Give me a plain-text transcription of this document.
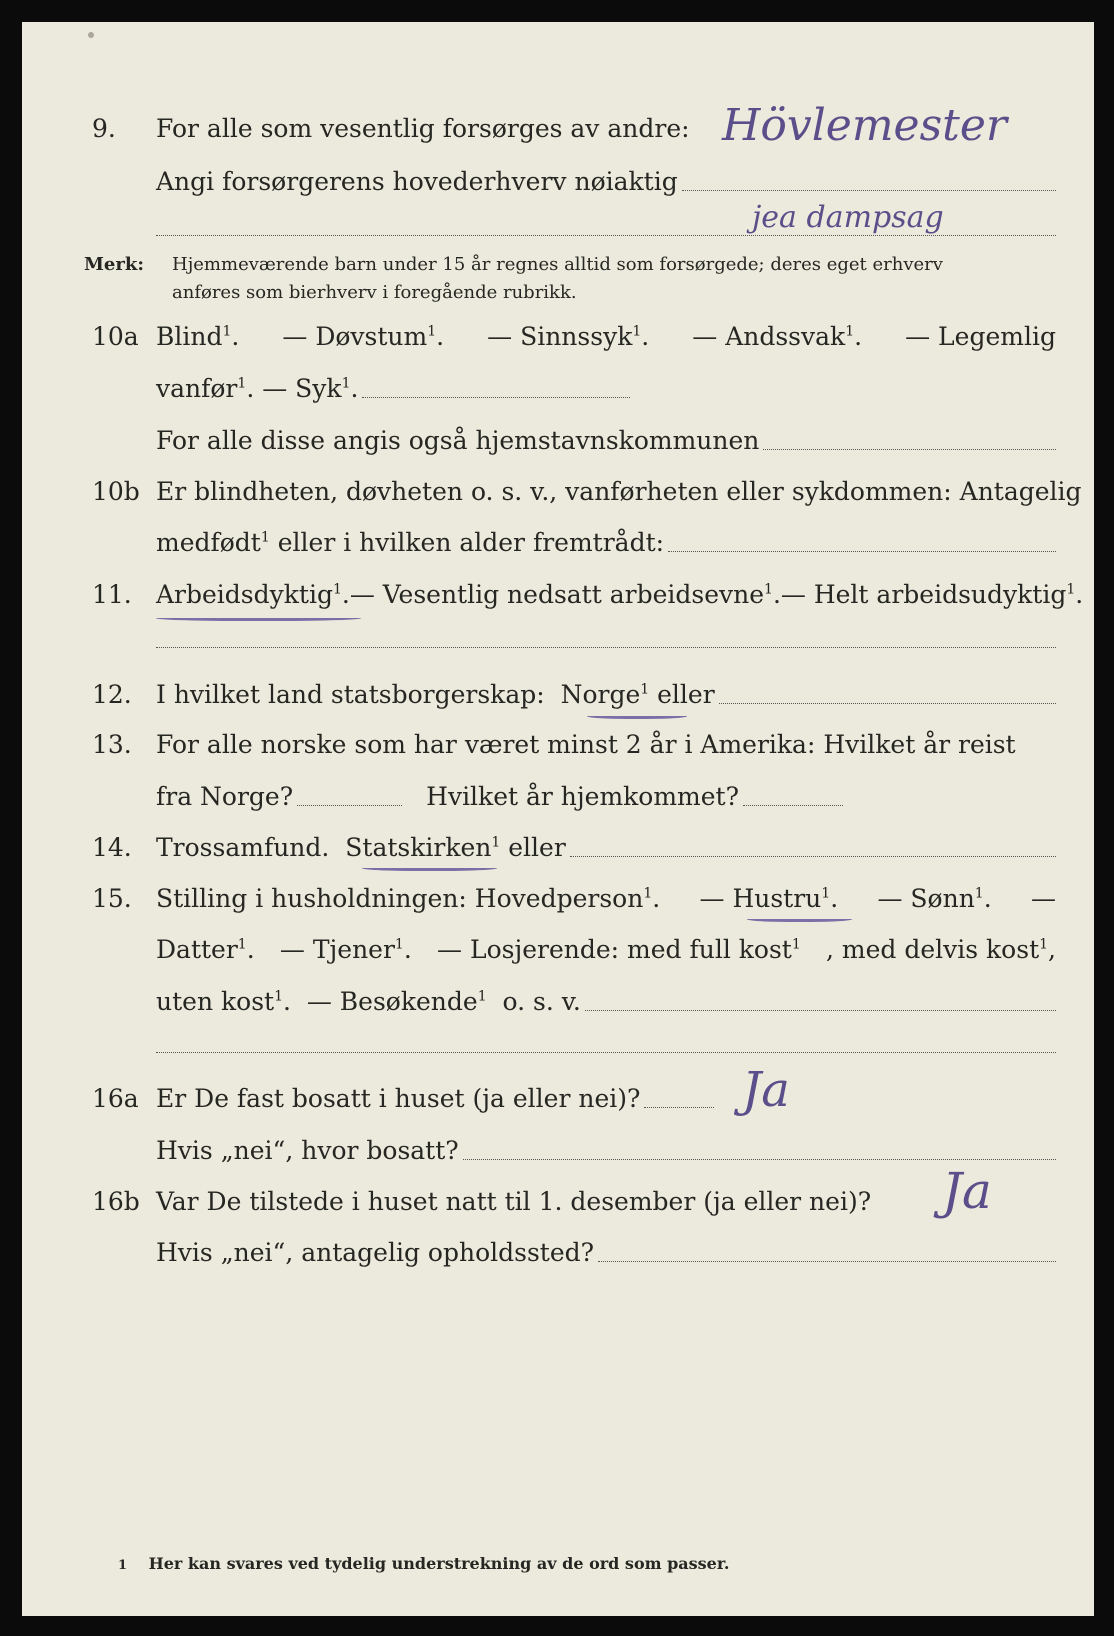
9.	For alle som vesentlig forsørges av andre: Hövlemester
Angi forsørgerens hovederhverv nøiaktig
jea dampsag
Merk: Hjemmeværende barn under 15 år regnes alltid som forsørgede; deres eget erhverv
anføres som bierhverv i foregående rubrikk.
10a Blind$^1$. — Døvstum$^1$. — Sinnssyk$^1$. — Andssvak$^1$. — Legemlig
vanfør$^1$.
— Syk$^1$.
For alle disse angis også hjemstavnskommunen
10b Er blindheten, døvheten o. s. v., vanførheten eller sykdommen: Antagelig
medfødt$^1$
eller i hvilken alder fremtrådt:
11. Arbeidsdyktig$^1$. — Vesentlig nedsatt arbeidsevne$^1$. — Helt arbeidsudyktig$^1$.
12. I hvilket land statsborgerskap:
Norge$^1$
eller
13. For alle norske som har været minst 2 år i Amerika: Hvilket år reist
fra Norge?	Hvilket år hjemkommet?
14. Trossamfund.
Statskirken$^1$
eller
15. Stilling i husholdningen: Hovedperson$^1$. — Hustru$^1$. — Sønn$^1$. —
Datter$^1$. — Tjener$^1$. — Losjerende: med full kost$^1$ , med delvis kost$^1$,
uten kost$^1$.
— Besøkende$^1$
o. s. v.
16a Er De fast bosatt i huset (ja eller nei)? Ja
Hvis „nei“, hvor bosatt?
16b Var De tilstede i huset natt til 1. desember (ja eller nei)? Ja
Hvis „nei“, antagelig opholdssted?
1 Her kan svares ved tydelig understrekning av de ord som passer.
